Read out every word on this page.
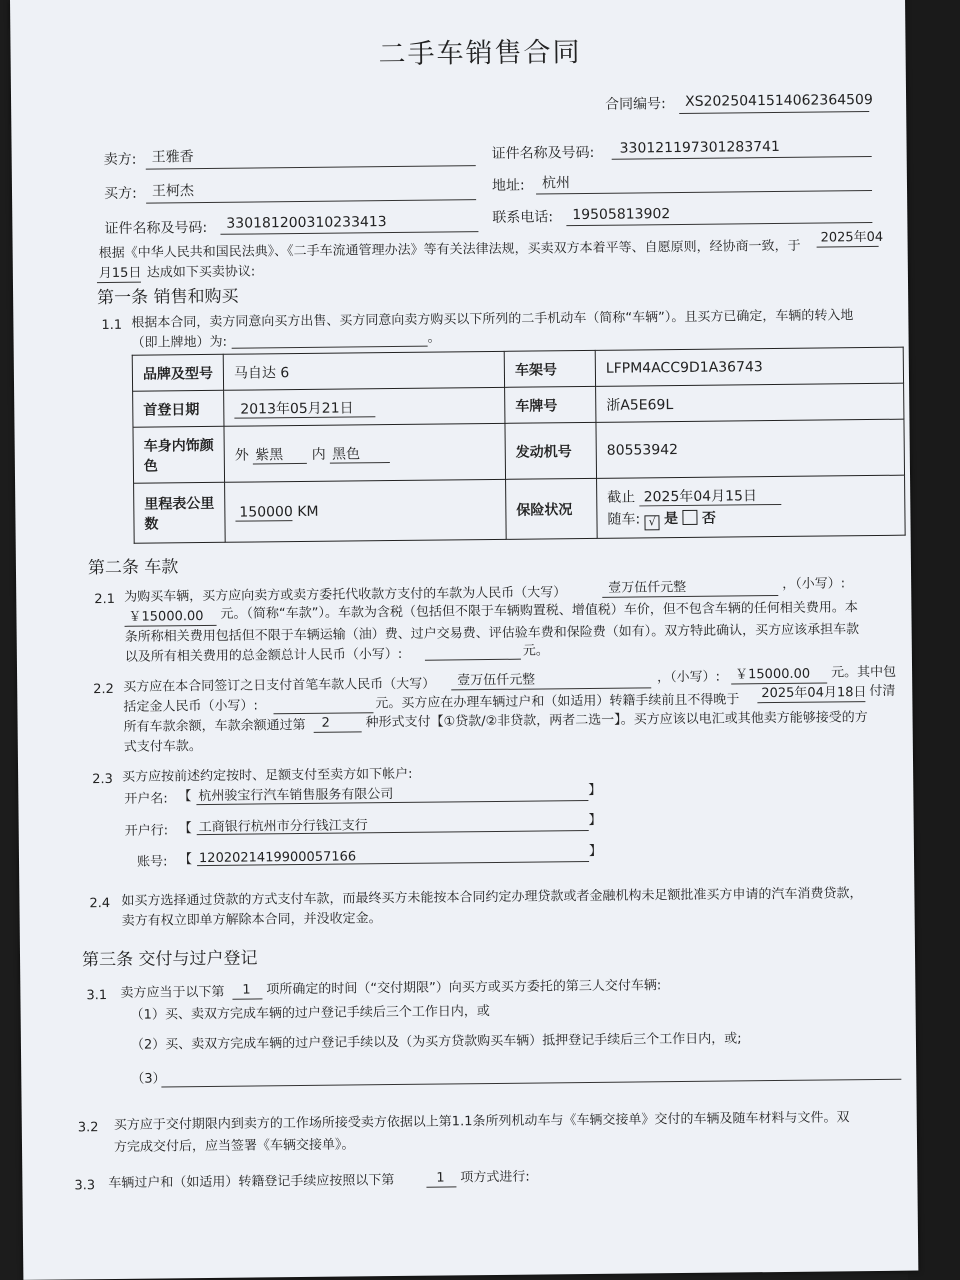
二手车销售合同
合同编号: XS2025041514062364509
卖方: 王雅香	证件名称及号码: 330121197301283741
买方: 王柯杰	地址: 杭州
证件名称及号码: 330181200310233413	联系电话: 19505813902
根据《中华人民共和国民法典》、《二手车流通管理办法》等有关法律法规，买卖双方本着平等、自愿原则，经协商一致，于
2025年04
月15日 达成如下买卖协议:
第一条 销售和购买
1.1 根据本合同，卖方同意向买方出售、买方同意向卖方购买以下所列的二手机动车（简称“车辆”）。且买方已确定，车辆的转入地
（即上牌地）为:	。
品牌及型号	马自达 6	车架号	LFPM4ACC9D1A36743
首登日期	2013年05月21日	车牌号	浙A5E69L
车身内饰颜色	外 紫黑 内 黑色	发动机号	80553942
里程表公里数	150000 KM	保险状况	截止 2025年04月15日
随车: √ 是 否
第二条 车款
2.1 为购买车辆，买方应向卖方或卖方委托代收款方支付的车款为人民币（大写）	壹万伍仟元整	，（小写）:
￥15000.00 元。（简称“车款”）。车款为含税（包括但不限于车辆购置税、增值税）车价，但不包含车辆的任何相关费用。本
条所称相关费用包括但不限于车辆运输（油）费、过户交易费、评估验车费和保险费（如有）。双方特此确认，买方应该承担车款
以及所有相关费用的总金额总计人民币（小写）:	元。
2.2 买方应在本合同签订之日支付首笔车款人民币（大写） 壹万伍仟元整	，（小写）: ￥15000.00 元。其中包
括定金人民币（小写）:	元。买方应在办理车辆过户和（如适用）转籍手续前且不得晚于 2025年04月18日 付清
所有车款余额，车款余额通过第 2	种形式支付【①贷款/②非贷款，两者二选一】。买方应该以电汇或其他卖方能够接受的方
式支付车款。
2.3 买方应按前述约定按时、足额支付至卖方如下帐户:
开户名: 【 杭州骏宝行汽车销售服务有限公司	】
开户行: 【 工商银行杭州市分行钱江支行	】
账号: 【 1202021419900057166	】
2.4 如买方选择通过贷款的方式支付车款，而最终买方未能按本合同约定办理贷款或者金融机构未足额批准买方申请的汽车消费贷款，
卖方有权立即单方解除本合同，并没收定金。
第三条 交付与过户登记
3.1 卖方应当于以下第 1 项所确定的时间（“交付期限”）向买方或买方委托的第三人交付车辆:
（1）买、卖双方完成车辆的过户登记手续后三个工作日内，或
（2）买、卖双方完成车辆的过户登记手续以及（为买方贷款购买车辆）抵押登记手续后三个工作日内，或;
（3）
3.2 买方应于交付期限内到卖方的工作场所接受卖方依据以上第1.1条所列机动车与《车辆交接单》交付的车辆及随车材料与文件。双
方完成交付后，应当签署《车辆交接单》。
3.3 车辆过户和（如适用）转籍登记手续应按照以下第	1 项方式进行:
